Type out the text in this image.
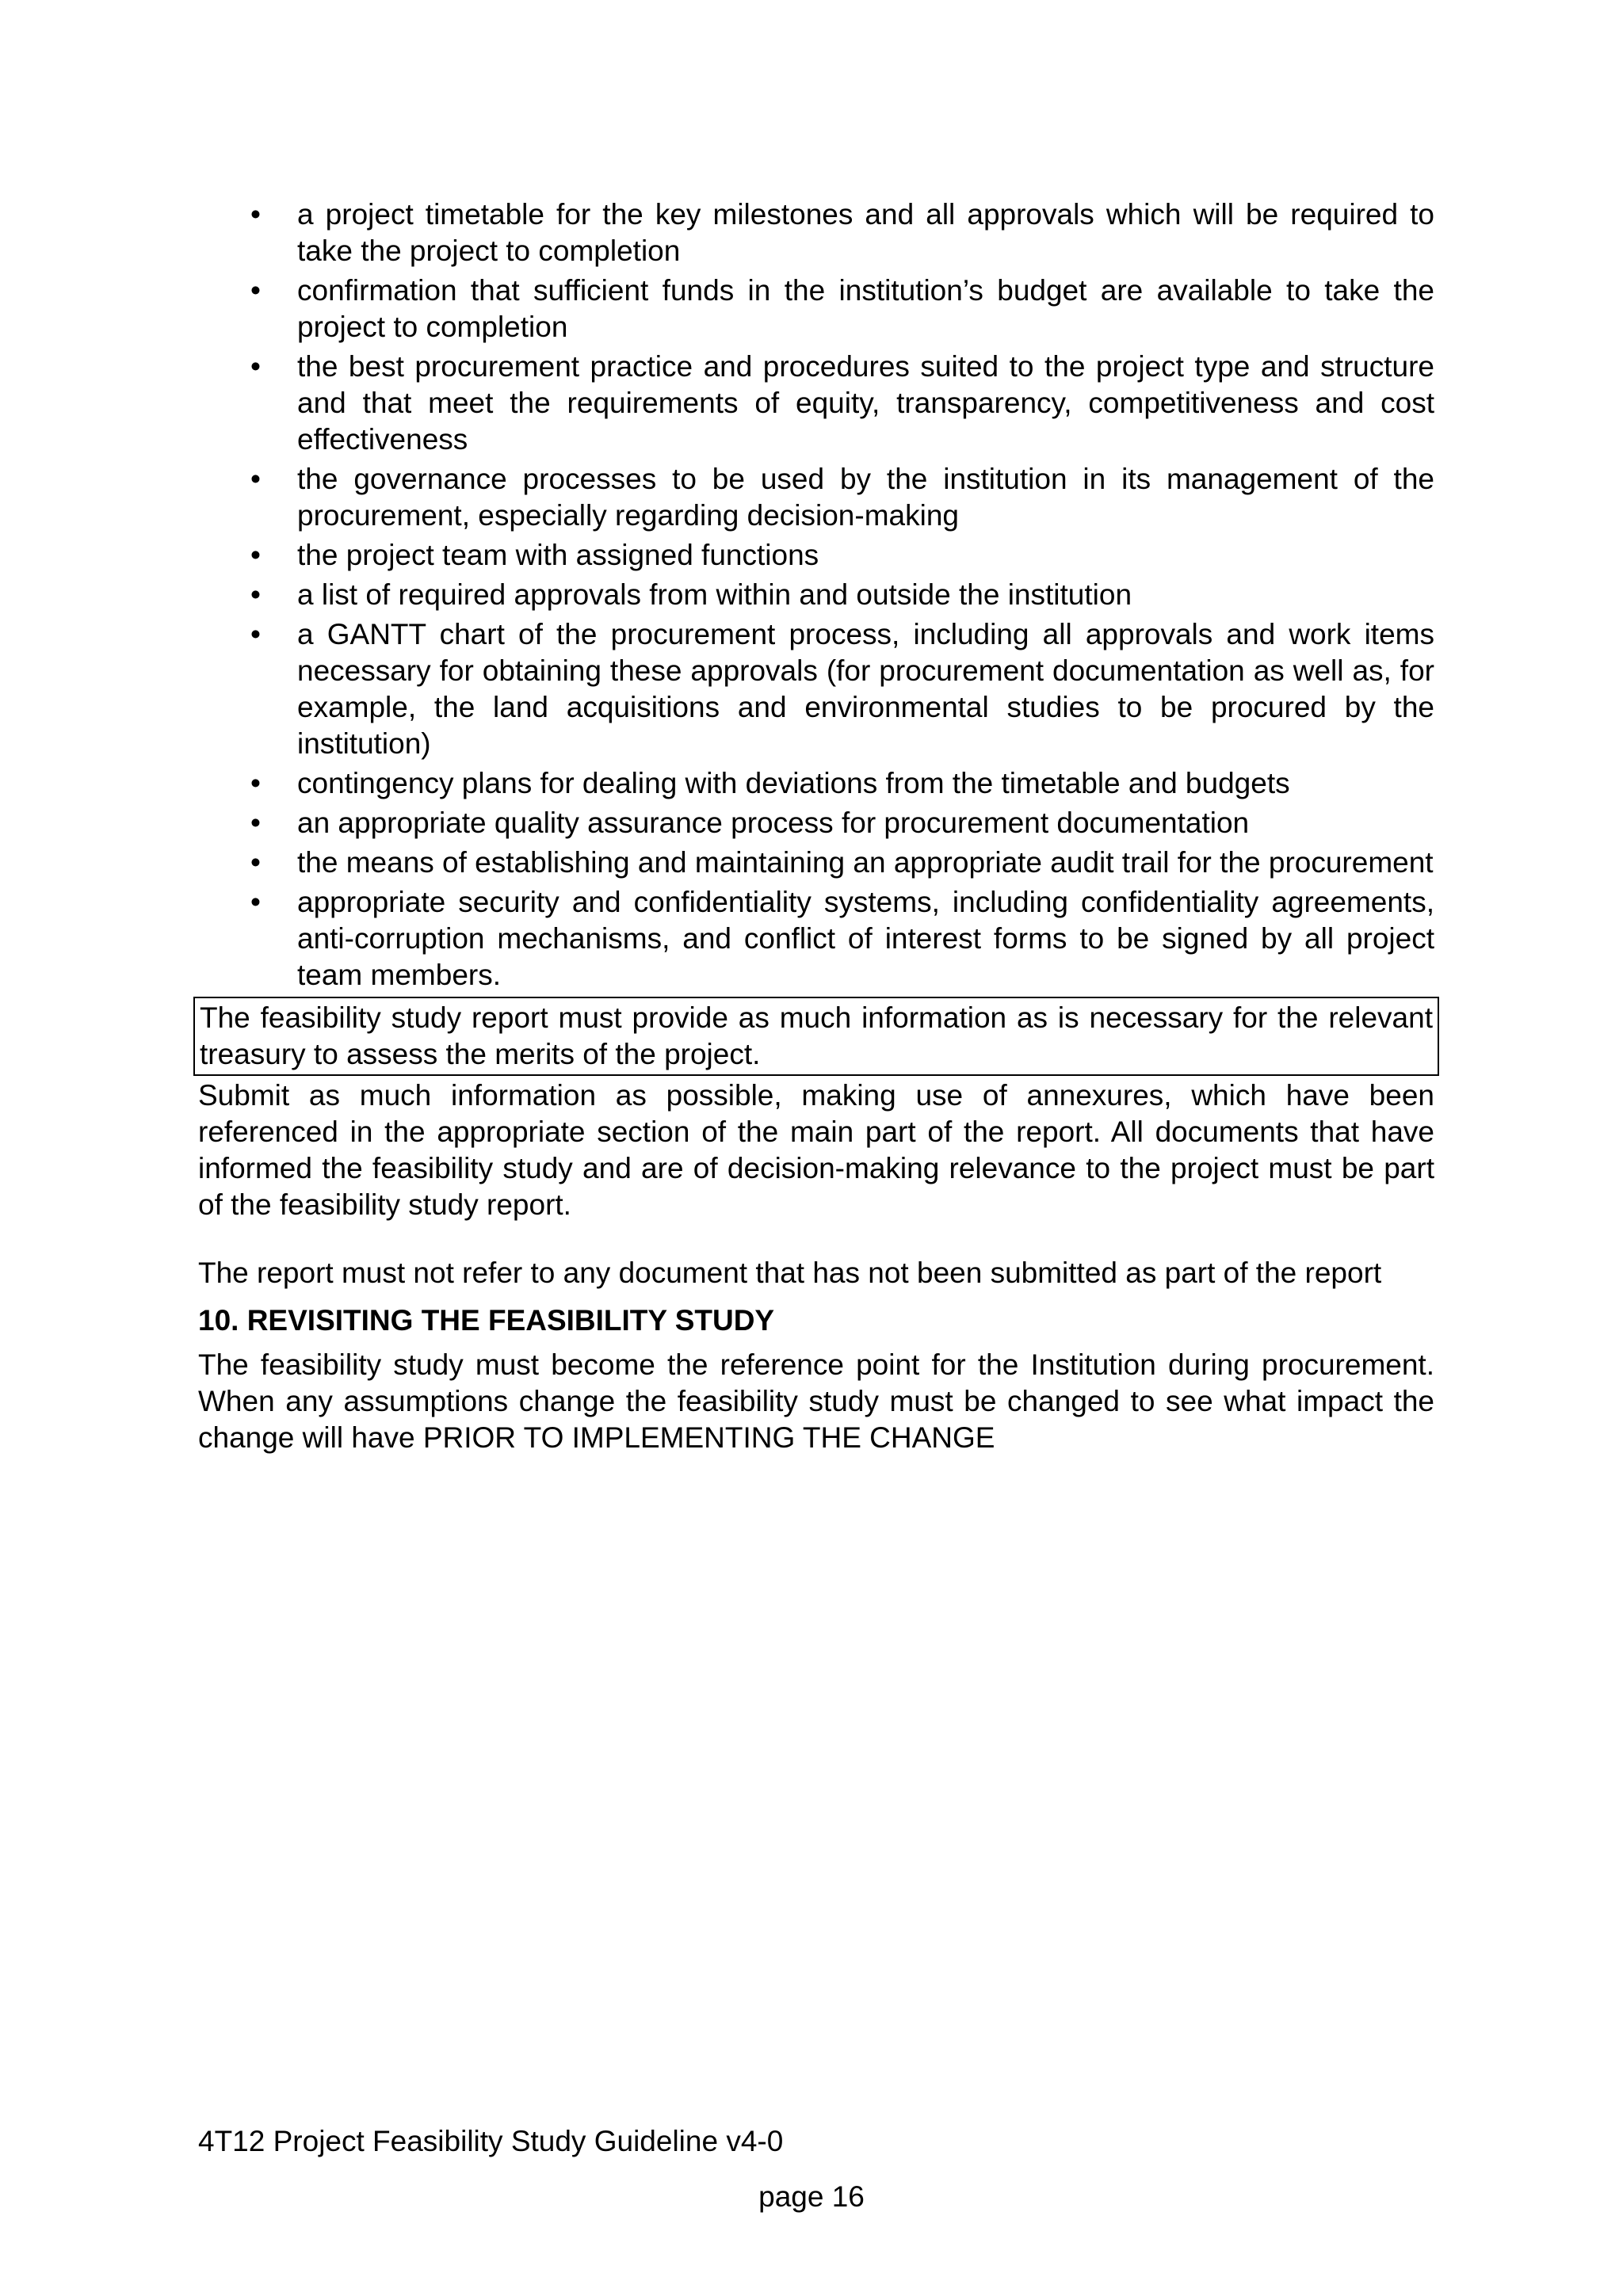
•	a project timetable for the key milestones and all approvals which will be required to take the project to completion
•	confirmation that sufficient funds in the institution’s budget are available to take the project to completion
•	the best procurement practice and procedures suited to the project type and structure and that meet the requirements of equity, transparency, competitiveness and cost effectiveness
•	the governance processes to be used by the institution in its management of the procurement, especially regarding decision-making
•	the project team with assigned functions
•	a list of required approvals from within and outside the institution
•	a GANTT chart of the procurement process, including all approvals and work items necessary for obtaining these approvals (for procurement documentation as well as, for example, the land acquisitions and environmental studies to be procured by the institution)
•	contingency plans for dealing with deviations from the timetable and budgets
•	an appropriate quality assurance process for procurement documentation
•	the means of establishing and maintaining an appropriate audit trail for the procurement
•	appropriate security and confidentiality systems, including confidentiality agreements, anti-corruption mechanisms, and conflict of interest forms to be signed by all project team members.
The feasibility study report must provide as much information as is necessary for the relevant treasury to assess the merits of the project.

Submit as much information as possible, making use of annexures, which have been referenced in the appropriate section of the main part of the report. All documents that have informed the feasibility study and are of decision-making relevance to the project must be part of the feasibility study report.

The report must not refer to any document that has not been submitted as part of the report

10. REVISITING THE FEASIBILITY STUDY

The feasibility study must become the reference point for the Institution during procurement. When any assumptions change the feasibility study must be changed to see what impact the change will have PRIOR TO IMPLEMENTING THE CHANGE

4T12 Project Feasibility Study Guideline v4-0
page 16
